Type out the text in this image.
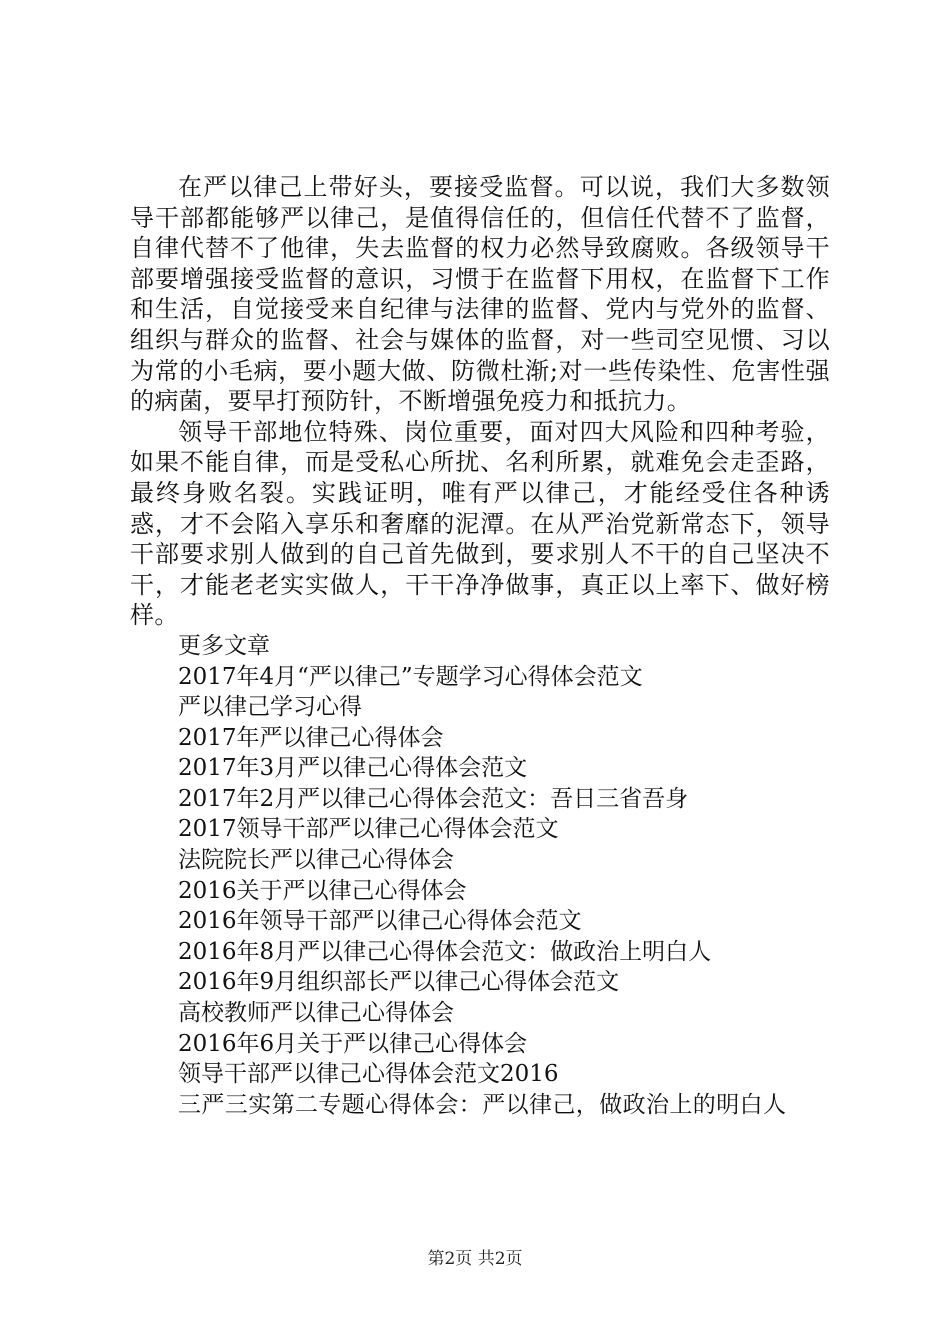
在严以律己上带好头，要接受监督。可以说，我们大多数领导干部都能够严以律己，是值得信任的，但信任代替不了监督，自律代替不了他律，失去监督的权力必然导致腐败。各级领导干部要增强接受监督的意识，习惯于在监督下用权，在监督下工作和生活，自觉接受来自纪律与法律的监督、党内与党外的监督、组织与群众的监督、社会与媒体的监督，对一些司空见惯、习以为常的小毛病，要小题大做、防微杜渐;对一些传染性、危害性强的病菌，要早打预防针，不断增强免疫力和抵抗力。

领导干部地位特殊、岗位重要，面对四大风险和四种考验，如果不能自律，而是受私心所扰、名利所累，就难免会走歪路，最终身败名裂。实践证明，唯有严以律己，才能经受住各种诱惑，才不会陷入享乐和奢靡的泥潭。在从严治党新常态下，领导干部要求别人做到的自己首先做到，要求别人不干的自己坚决不干，才能老老实实做人，干干净净做事，真正以上率下、做好榜样。

更多文章
2017年4月“严以律己”专题学习心得体会范文
严以律己学习心得
2017年严以律己心得体会
2017年3月严以律己心得体会范文
2017年2月严以律己心得体会范文：吾日三省吾身
2017领导干部严以律己心得体会范文
法院院长严以律己心得体会
2016关于严以律己心得体会
2016年领导干部严以律己心得体会范文
2016年8月严以律己心得体会范文：做政治上明白人
2016年9月组织部长严以律己心得体会范文
高校教师严以律己心得体会
2016年6月关于严以律己心得体会
领导干部严以律己心得体会范文2016
三严三实第二专题心得体会：严以律己，做政治上的明白人
第2页 共2页
